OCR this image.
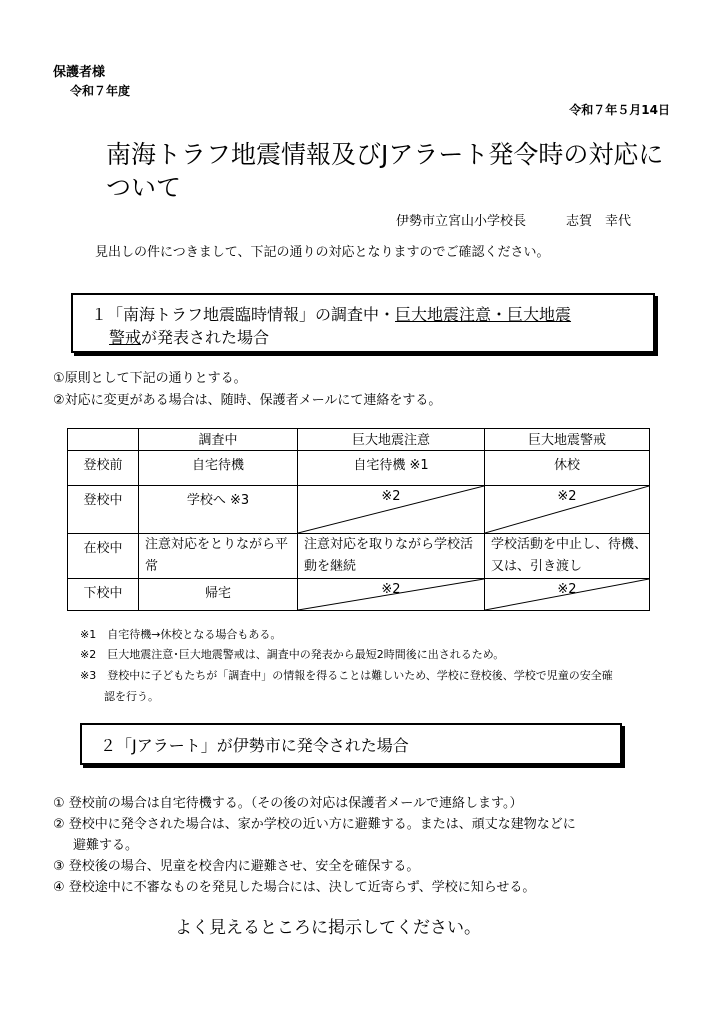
保護者様
令和７年度
令和７年５月14日
南海トラフ地震情報及びJアラート発令時の対応について
伊勢市立宮山小学校長	志賀　幸代
見出しの件につきまして、下記の通りの対応となりますのでご確認ください。
１「南海トラフ地震臨時情報」の調査中・巨大地震注意・巨大地震
警戒が発表された場合
①原則として下記の通りとする。
②対応に変更がある場合は、随時、保護者メールにて連絡をする。
	調査中	巨大地震注意	巨大地震警戒
登校前	自宅待機	自宅待機 ※1	休校
登校中	学校へ ※3	※2	※2
在校中	注意対応をとりながら平常	注意対応を取りながら学校活動を継続	学校活動を中止し、待機、又は、引き渡し
下校中	帰宅	※2	※2
※1　自宅待機→休校となる場合もある。
※2　巨大地震注意･巨大地震警戒は、調査中の発表から最短2時間後に出されるため。
※3　登校中に子どもたちが「調査中」の情報を得ることは難しいため、学校に登校後、学校で児童の安全確
認を行う。
２「Jアラート」が伊勢市に発令された場合
① 登校前の場合は自宅待機する。（その後の対応は保護者メールで連絡します。）
② 登校中に発令された場合は、家か学校の近い方に避難する。または、頑丈な建物などに
避難する。
③ 登校後の場合、児童を校舎内に避難させ、安全を確保する。
④ 登校途中に不審なものを発見した場合には、決して近寄らず、学校に知らせる。
よく見えるところに掲示してください。
